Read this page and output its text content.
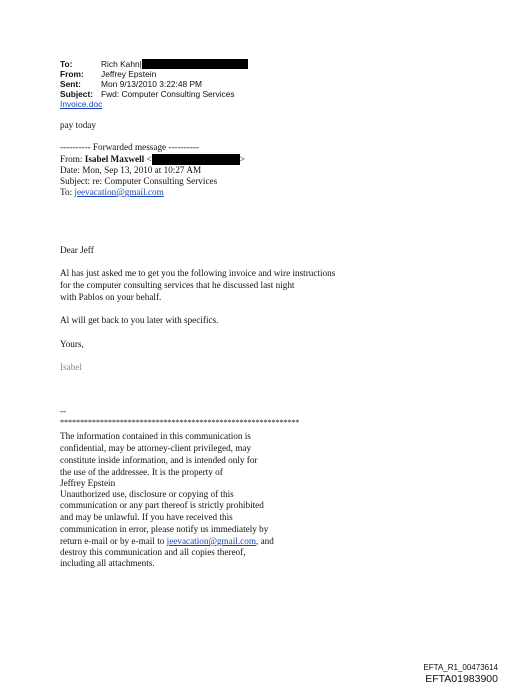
To:	Rich Kahn|
From:	Jeffrey Epstein
Sent:	Mon 9/13/2010 3:22:48 PM
Subject: Fwd: Computer Consulting Services
Invoice.doc
pay today
---------- Forwarded message ----------
From: Isabel Maxwell <	>
Date: Mon, Sep 13, 2010 at 10:27 AM
Subject: re: Computer Consulting Services
To: jeevacation@gmail.com
Dear Jeff
Al has just asked me to get you the following invoice and wire instructions
for the computer consulting services that he discussed last night
with Pablos on your behalf.
Al will get back to you later with specifics.
Yours,
Isabel
--
************************************************************
The information contained in this communication is
confidential, may be attorney-client privileged, may
constitute inside information, and is intended only for
the use of the addressee. It is the property of
Jeffrey Epstein
Unauthorized use, disclosure or copying of this
communication or any part thereof is strictly prohibited
and may be unlawful. If you have received this
communication in error, please notify us immediately by
return e-mail or by e-mail to jeevacation@gmail.com, and
destroy this communication and all copies thereof,
including all attachments.
EFTA_R1_00473614
EFTA01983900
